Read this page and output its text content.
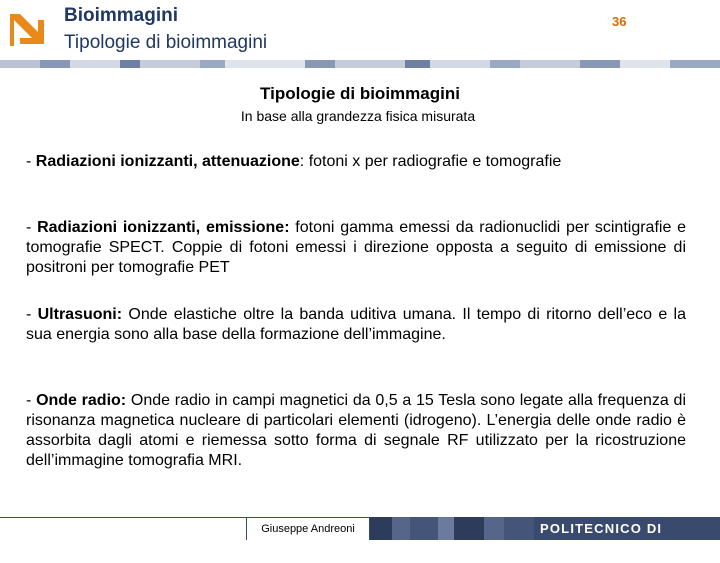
Bioimmagini
Tipologie di bioimmagini
36
Tipologie di bioimmagini
In base alla grandezza fisica misurata
- Radiazioni ionizzanti, attenuazione: fotoni x per radiografie e tomografie
- Radiazioni ionizzanti, emissione: fotoni gamma emessi da radionuclidi per scintigrafie e tomografie SPECT. Coppie di fotoni emessi i direzione opposta a seguito di emissione di positroni per tomografie PET
- Ultrasuoni: Onde elastiche oltre la banda uditiva umana. Il tempo di ritorno dell’eco e la sua energia sono alla base della formazione dell’immagine.
- Onde radio: Onde radio in campi magnetici da 0,5 a 15 Tesla sono legate alla frequenza di risonanza magnetica nucleare di particolari elementi (idrogeno). L’energia delle onde radio è assorbita dagli atomi e riemessa sotto forma di segnale RF utilizzato per la ricostruzione dell’immagine tomografia MRI.
Giuseppe Andreoni	POLITECNICO DI MILANO
